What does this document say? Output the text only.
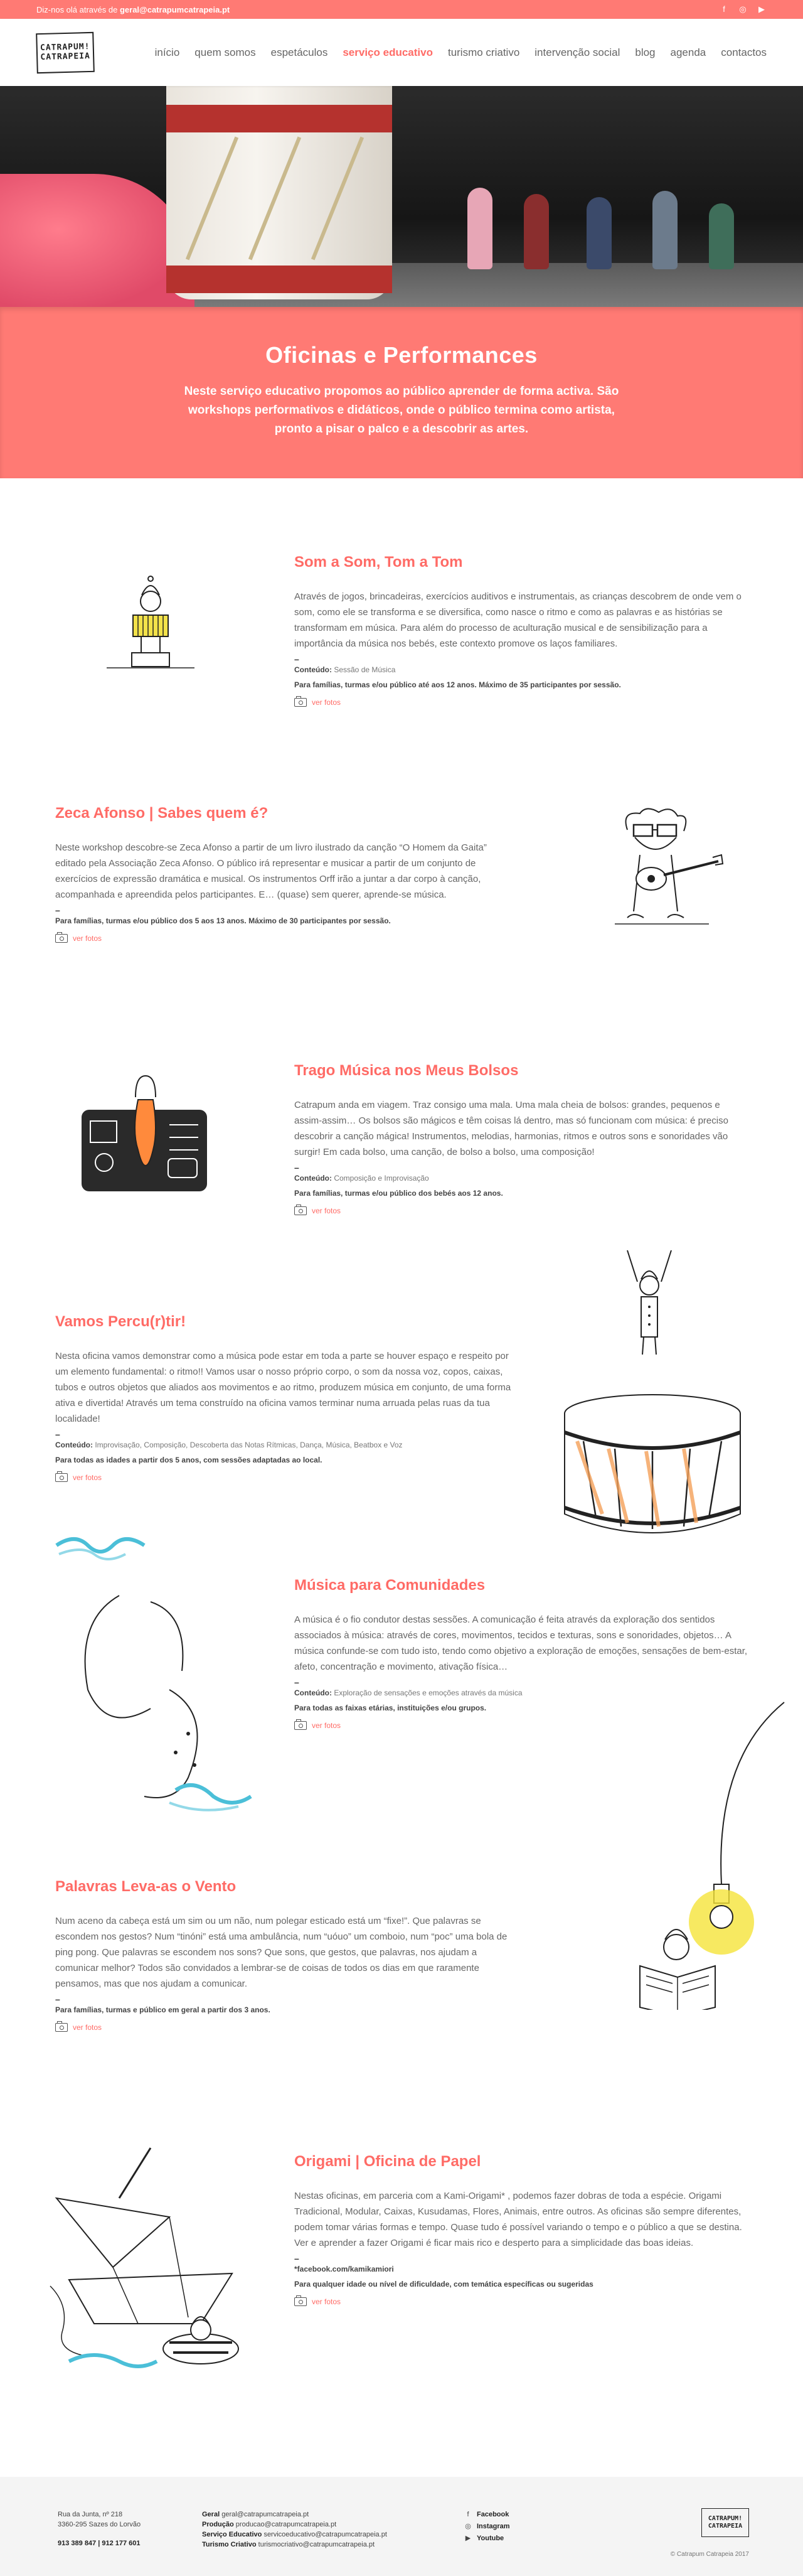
Diz-nos olá através de geral@catrapumcatrapeia.pt	f	◎ ▶
CATRAPUM!
CATRAPEIA	início quem somos espetáculos serviço educativo turismo criativo intervenção social blog agenda contactos
Oficinas e Performances

Neste serviço educativo propomos ao público aprender de forma activa. São workshops performativos e didáticos, onde o público termina como artista, pronto a pisar o palco e a descobrir as artes.

Som a Som, Tom a Tom

Através de jogos, brincadeiras, exercícios auditivos e instrumentais, as crianças descobrem de onde vem o som, como ele se transforma e se diversifica, como nasce o ritmo e como as palavras e as histórias se transformam em música. Para além do processo de aculturação musical e de sensibilização para a importância da música nos bebés, este contexto promove os laços familiares.

–

Conteúdo: Sessão de Música

Para famílias, turmas e/ou público até aos 12 anos. Máximo de 35 participantes por sessão.

ver fotos
Zeca Afonso | Sabes quem é?

Neste workshop descobre-se Zeca Afonso a partir de um livro ilustrado da canção “O Homem da Gaita” editado pela Associação Zeca Afonso. O público irá representar e musicar a partir de um conjunto de exercícios de expressão dramática e musical. Os instrumentos Orff irão a juntar a dar corpo à canção, acompanhada e apreendida pelos participantes. E… (quase) sem querer, aprende-se música.

–

Para famílias, turmas e/ou público dos 5 aos 13 anos. Máximo de 30 participantes por sessão.

ver fotos
Trago Música nos Meus Bolsos

Catrapum anda em viagem. Traz consigo uma mala. Uma mala cheia de bolsos: grandes, pequenos e assim-assim… Os bolsos são mágicos e têm coisas lá dentro, mas só funcionam com música: é preciso descobrir a canção mágica! Instrumentos, melodias, harmonias, ritmos e outros sons e sonoridades vão surgir! Em cada bolso, uma canção, de bolso a bolso, uma composição!

–

Conteúdo: Composição e Improvisação

Para famílias, turmas e/ou público dos bebés aos 12 anos.

ver fotos
Vamos Percu(r)tir!

Nesta oficina vamos demonstrar como a música pode estar em toda a parte se houver espaço e respeito por um elemento fundamental: o ritmo!! Vamos usar o nosso próprio corpo, o som da nossa voz, copos, caixas, tubos e outros objetos que aliados aos movimentos e ao ritmo, produzem música em conjunto, de uma forma ativa e divertida! Através um tema construído na oficina vamos terminar numa arruada pelas ruas da tua localidade!

–

Conteúdo: Improvisação, Composição, Descoberta das Notas Rítmicas, Dança, Música, Beatbox e Voz

Para todas as idades a partir dos 5 anos, com sessões adaptadas ao local.

ver fotos
Música para Comunidades

A música é o fio condutor destas sessões. A comunicação é feita através da exploração dos sentidos associados à música: através de cores, movimentos, tecidos e texturas, sons e sonoridades, objetos… A música confunde-se com tudo isto, tendo como objetivo a exploração de emoções, sensações de bem-estar, afeto, concentração e movimento, ativação física…

–

Conteúdo: Exploração de sensações e emoções através da música

Para todas as faixas etárias, instituições e/ou grupos.

ver fotos
Palavras Leva-as o Vento

Num aceno da cabeça está um sim ou um não, num polegar esticado está um “fixe!”. Que palavras se escondem nos gestos? Num “tinóni” está uma ambulância, num “uóuo” um comboio, num “poc” uma bola de ping pong. Que palavras se escondem nos sons? Que sons, que gestos, que palavras, nos ajudam a comunicar melhor? Todos são convidados a lembrar-se de coisas de todos os dias em que raramente pensamos, mas que nos ajudam a comunicar.

–

Para famílias, turmas e público em geral a partir dos 3 anos.

ver fotos
Origami | Oficina de Papel

Nestas oficinas, em parceria com a Kami-Origami* , podemos fazer dobras de toda a espécie. Origami Tradicional, Modular, Caixas, Kusudamas, Flores, Animais, entre outros. As oficinas são sempre diferentes, podem tomar várias formas e tempo. Quase tudo é possível variando o tempo e o público a que se destina. Ver e aprender a fazer Origami é ficar mais rico e desperto para a simplicidade das boas ideias.

–

*facebook.com/kamikamiori

Para qualquer idade ou nível de dificuldade, com temática específicas ou sugeridas

ver fotos
Rua da Junta, nº 218
3360-295 Sazes do Lorvão
913 389 847 | 912 177 601
Geral geral@catrapumcatrapeia.pt
Produção producao@catrapumcatrapeia.pt
Serviço Educativo servicoeducativo@catrapumcatrapeia.pt
Turismo Criativo turismocriativo@catrapumcatrapeia.pt
f	Facebook
◎ Instagram
▶ Youtube
CATRAPUM!
CATRAPEIA
© Catrapum Catrapeia 2017
